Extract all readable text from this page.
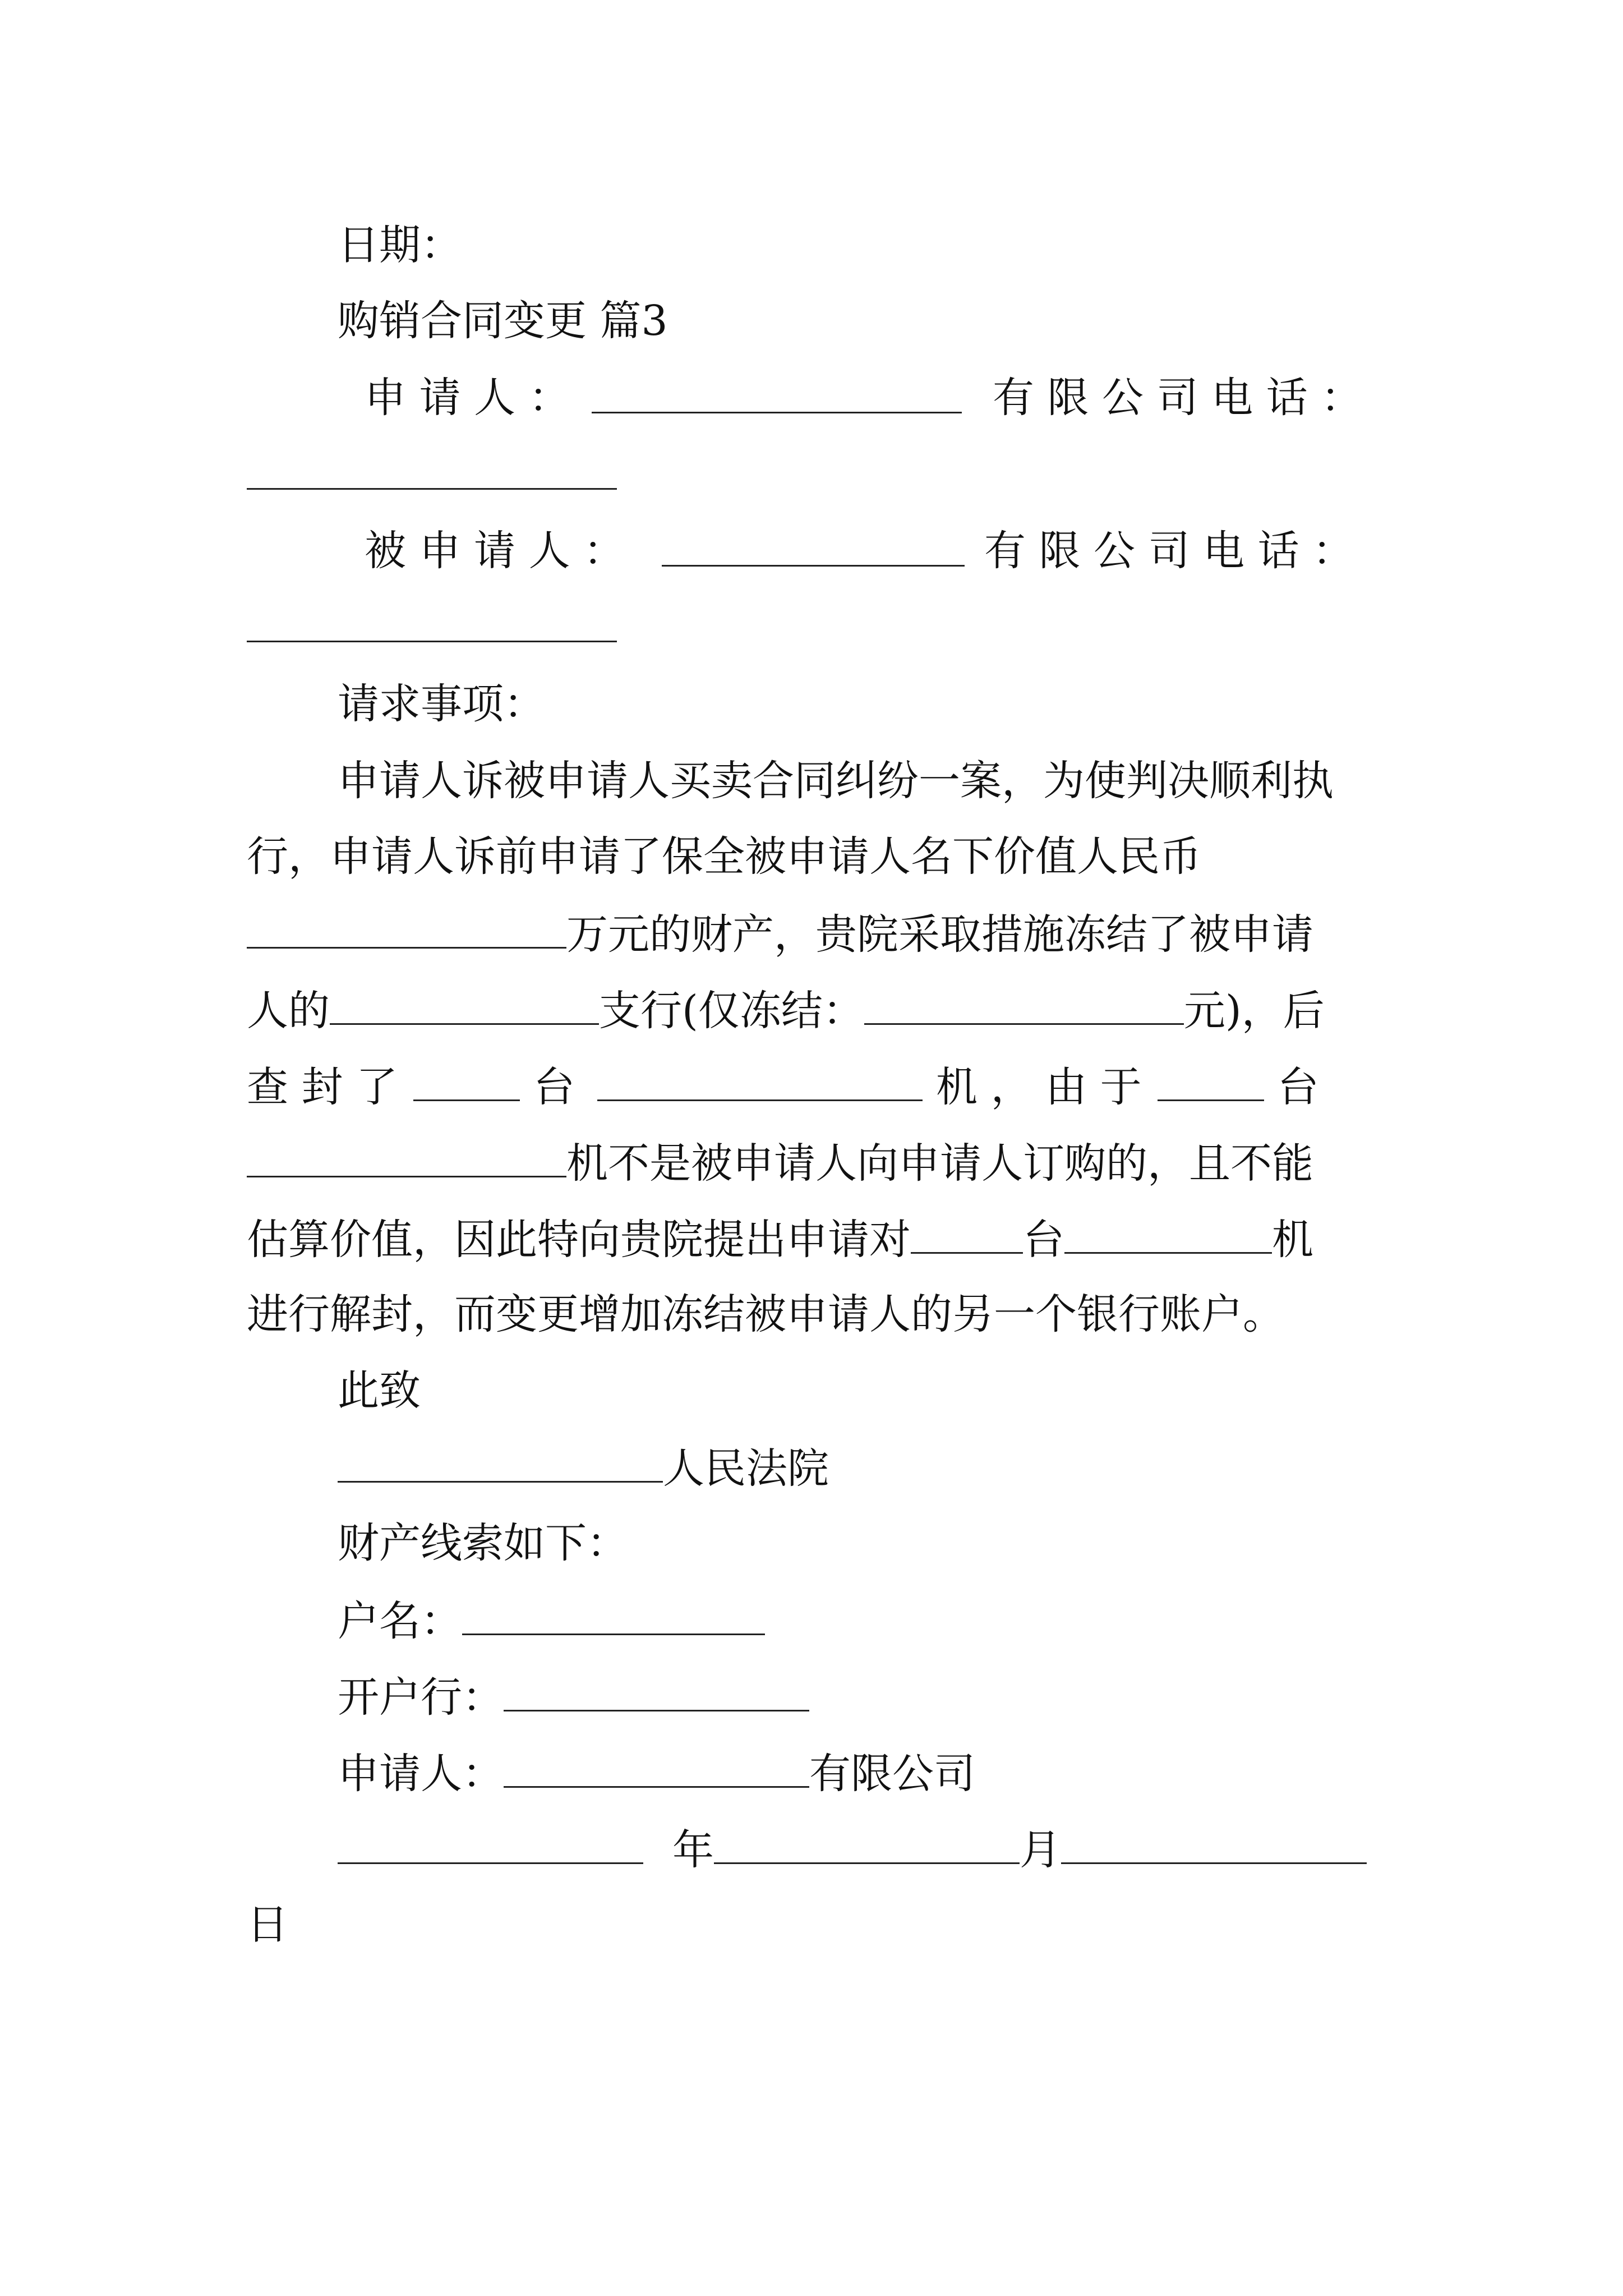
日期：
购销合同变更 篇3
申 请 人 ：	有 限 公 司 电 话 ：
被 申 请 人 ：	有 限 公 司 电 话 ：
请求事项：
申请人诉被申请人买卖合同纠纷一案，为使判决顺利执
行，申请人诉前申请了保全被申请人名下价值人民币
万元的财产，贵院采取措施冻结了被申请
人的	支行(仅冻结：	元)，后
查 封 了	台	机 ， 由 于	台
机不是被申请人向申请人订购的，且不能
估算价值，因此特向贵院提出申请对	台	机
进行解封，而变更增加冻结被申请人的另一个银行账户。
此致
人民法院
财产线索如下：
户名：
开户行：
申请人：	有限公司
年	月
日
